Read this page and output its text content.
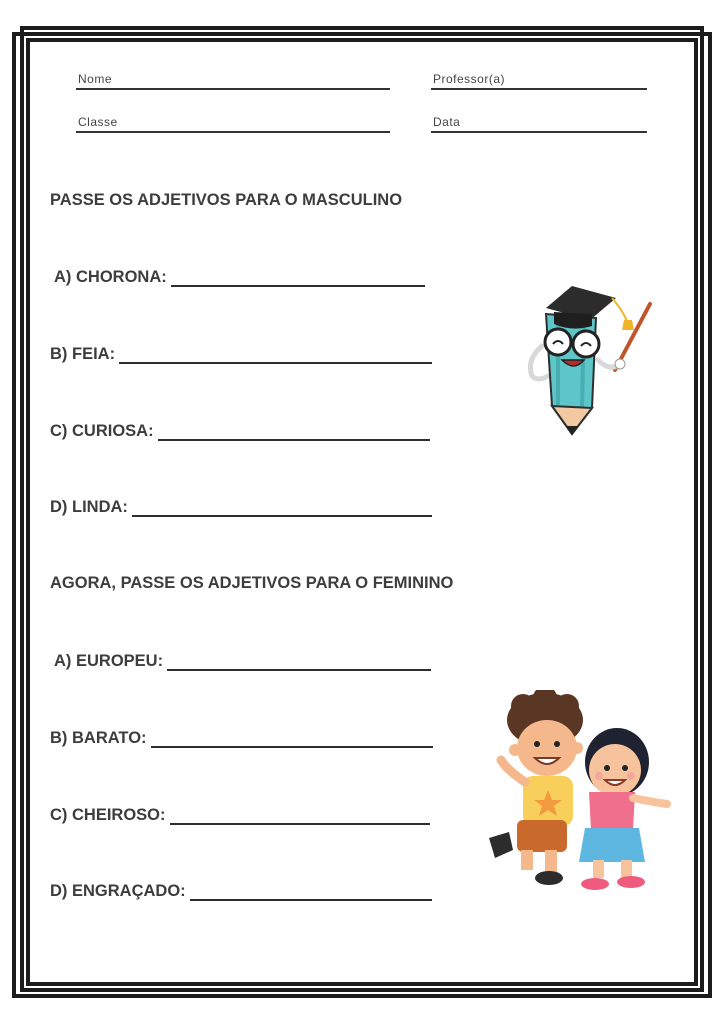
Nome	Professor(a)
Classe	Data
PASSE OS ADJETIVOS PARA O MASCULINO
A) CHORONA:
B) FEIA:
C) CURIOSA:
D) LINDA:
AGORA, PASSE OS ADJETIVOS PARA O FEMININO
A) EUROPEU:
B) BARATO:
C) CHEIROSO:
D) ENGRAÇADO:
